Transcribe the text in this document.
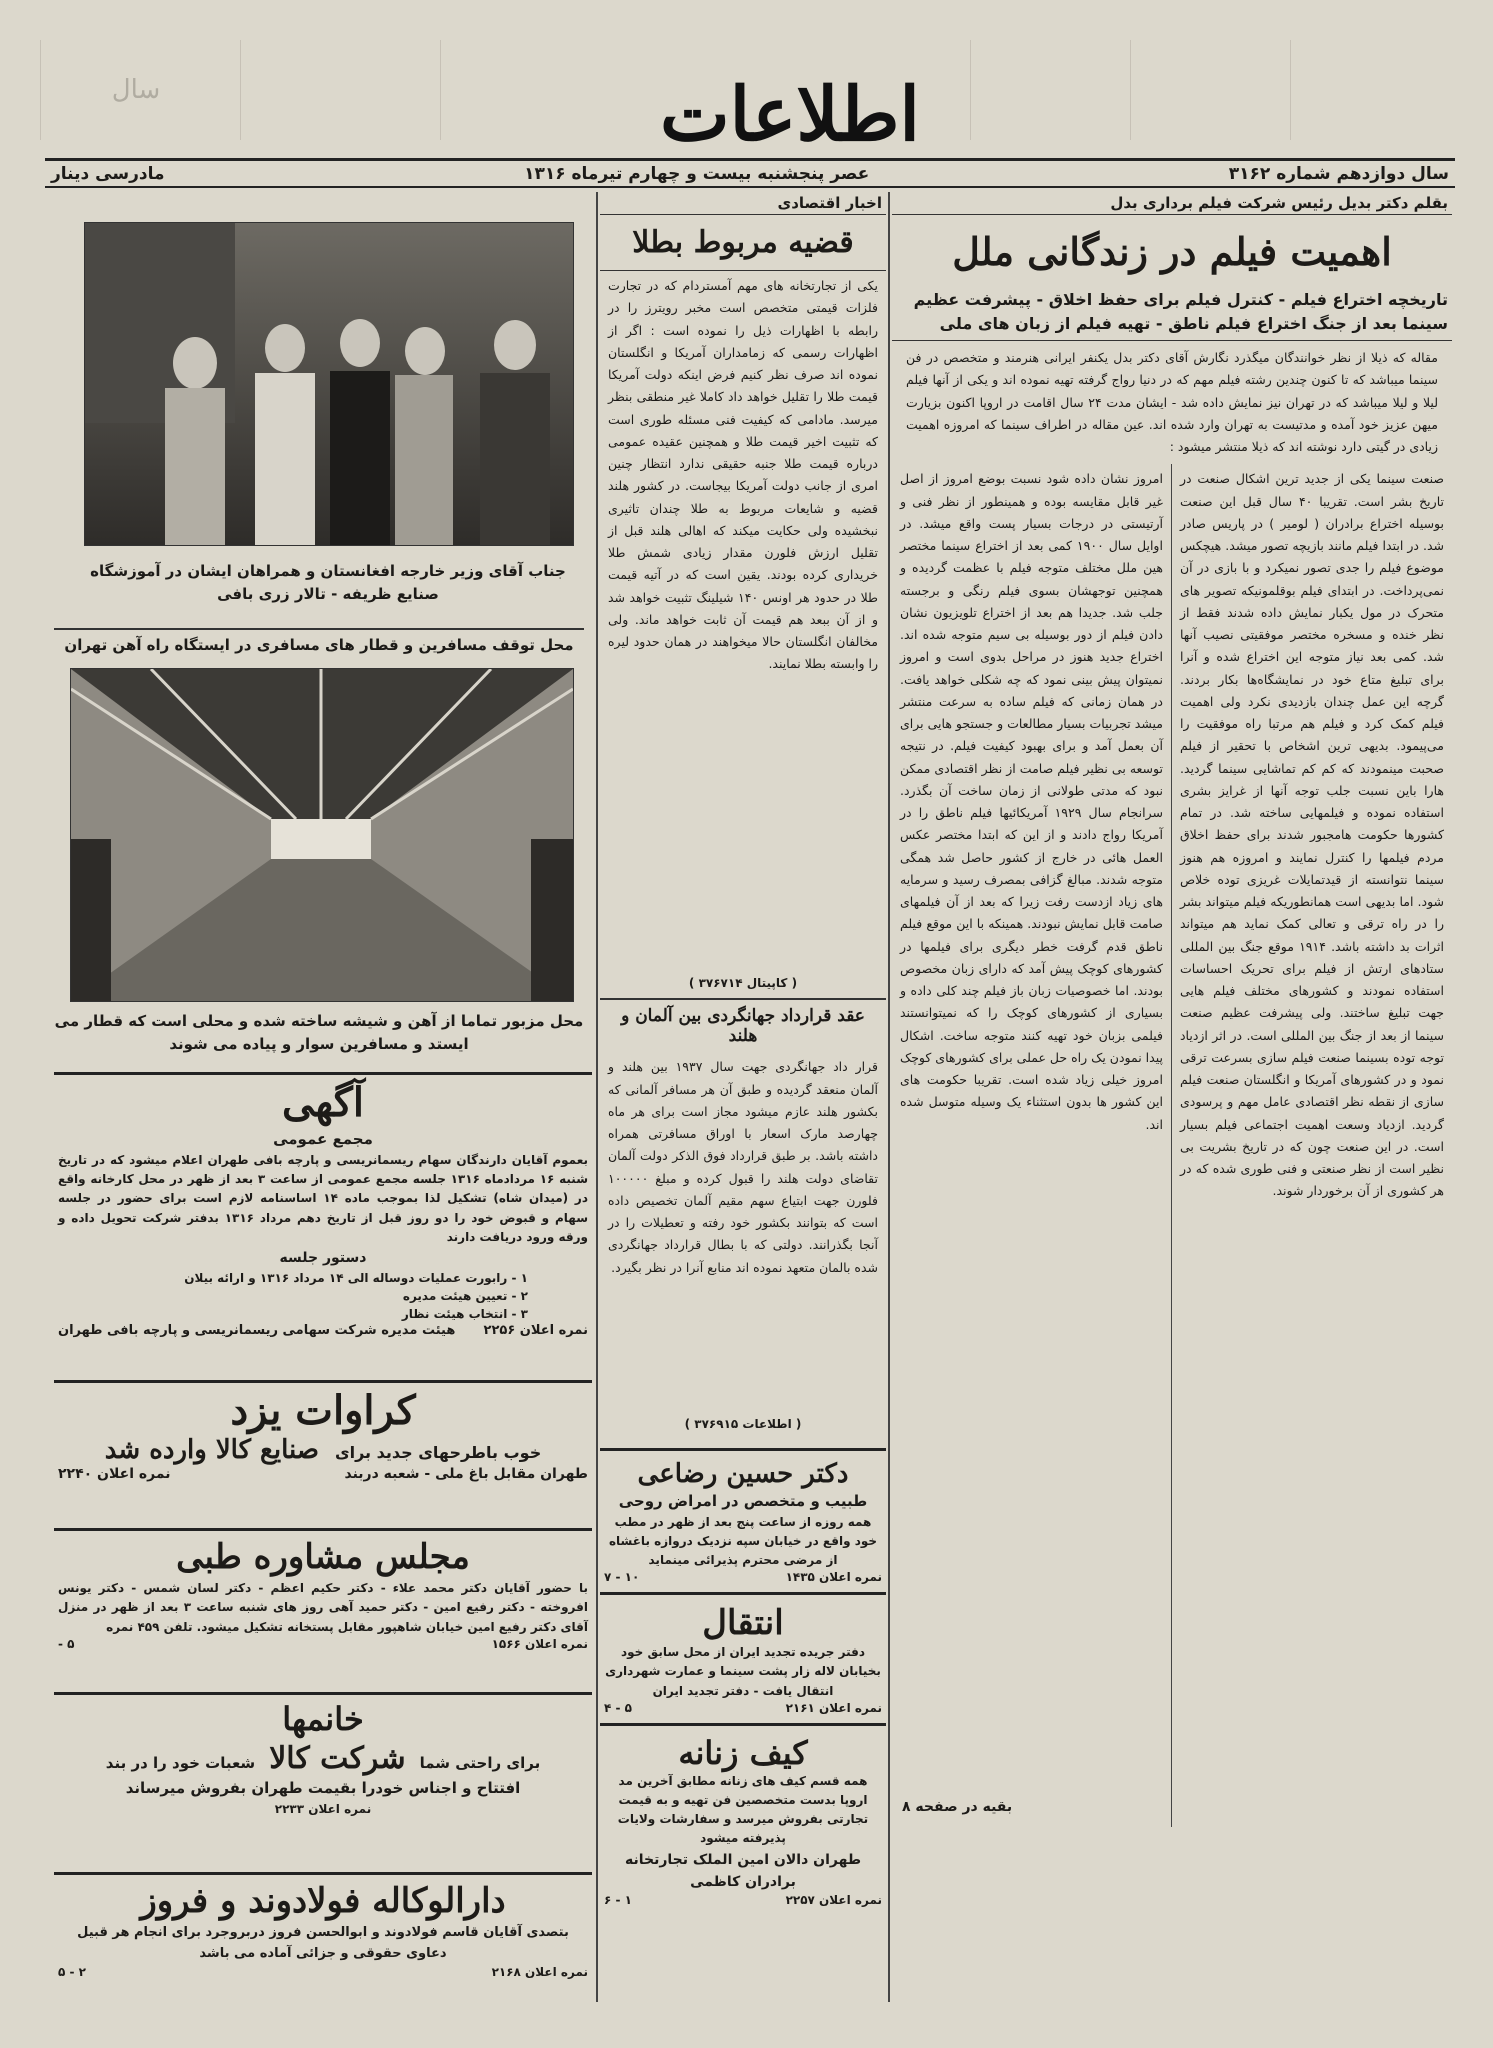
سال	اطلاعات
سال دوازدهم شماره ۳۱۶۲
عصر پنجشنبه بیست و چهارم تیرماه ۱۳۱۶
مادرسی دینار
بقلم دکتر بدیل رئیس شرکت فیلم برداری بدل
اهمیت فیلم در زندگانی ملل
تاریخچه اختراع فیلم - کنترل فیلم برای حفظ اخلاق - پیشرفت عظیم سینما بعد از جنگ اختراع فیلم ناطق - تهیه فیلم از زبان های ملی
مقاله که ذیلا از نظر خوانندگان میگذرد نگارش آقای دکتر بدل یکنفر ایرانی هنرمند و متخصص در فن سینما میباشد که تا کنون چندین رشته فیلم مهم که در دنیا رواج گرفته تهیه نموده اند و یکی از آنها فیلم لیلا و لیلا میباشد که در تهران نیز نمایش داده شد - ایشان مدت ۲۴ سال اقامت در اروپا اکنون بزیارت میهن عزیز خود آمده و مدتیست به تهران وارد شده اند. عین مقاله در اطراف سینما که امروزه اهمیت زیادی در گیتی دارد نوشته اند که ذیلا منتشر میشود :
صنعت سینما یکی از جدید ترین اشکال صنعت در تاریخ بشر است. تقریبا ۴۰ سال قبل این صنعت بوسیله اختراع برادران ( لومیر ) در پاریس صادر شد. در ابتدا فیلم مانند بازیچه تصور میشد. هیچکس موضوع فیلم را جدی تصور نمیکرد و با بازی در آن نمی‌پرداخت. در ابتدای فیلم بوقلمونیکه تصویر های متحرک در مول یکبار نمایش داده شدند فقط از نظر خنده و مسخره مختصر موفقیتی نصیب آنها شد. کمی بعد نیاز متوجه این اختراع شده و آنرا برای تبلیغ متاع خود در نمایشگاه‌ها بکار بردند. گرچه این عمل چندان بازدیدی نکرد ولی اهمیت فیلم کمک کرد و فیلم هم مرتبا راه موفقیت را می‌پیمود. بدیهی ترین اشخاص با تحقیر از فیلم صحبت مینمودند که کم کم تماشایی سینما گردید. هارا باین نسبت جلب توجه آنها از غرایز بشری استفاده نموده و فیلمهایی ساخته شد. در تمام کشورها حکومت هامجبور شدند برای حفظ اخلاق مردم فیلمها را کنترل نمایند و امروزه هم هنوز سینما نتوانسته از قیدتمایلات غریزی توده خلاص شود. اما بدیهی است همانطوریکه فیلم میتواند بشر را در راه ترقی و تعالی کمک نماید هم میتواند اثرات بد داشته باشد. ۱۹۱۴ موقع جنگ بین المللی ستادهای ارتش از فیلم برای تحریک احساسات استفاده نمودند و کشورهای مختلف فیلم هایی جهت تبلیغ ساختند. ولی پیشرفت عظیم صنعت سینما از بعد از جنگ بین المللی است. در اثر ازدیاد توجه توده بسینما صنعت فیلم سازی بسرعت ترقی نمود و در کشورهای آمریکا و انگلستان صنعت فیلم سازی از نقطه نظر اقتصادی عامل مهم و پرسودی گردید. ازدیاد وسعت اهمیت اجتماعی فیلم بسیار است. در این صنعت چون که در تاریخ بشریت بی نظیر است از نظر صنعتی و فنی طوری شده که در هر کشوری از آن برخوردار شوند.
امروز نشان داده شود نسبت بوضع امروز از اصل غیر قابل مقایسه بوده و همینطور از نظر فنی و آرتیستی در درجات بسیار پست واقع میشد. در اوایل سال ۱۹۰۰ کمی بعد از اختراع سینما مختصر هین ملل مختلف متوجه فیلم با عظمت گردیده و همچنین توجهشان بسوی فیلم رنگی و برجسته جلب شد. جدیدا هم بعد از اختراع تلویزیون نشان دادن فیلم از دور بوسیله بی سیم متوجه شده اند. اختراع جدید هنوز در مراحل بدوی است و امروز نمیتوان پیش بینی نمود که چه شکلی خواهد یافت. در همان زمانی که فیلم ساده به سرعت منتشر میشد تجربیات بسیار مطالعات و جستجو هایی برای آن بعمل آمد و برای بهبود کیفیت فیلم. در نتیجه توسعه بی نظیر فیلم صامت از نظر اقتصادی ممکن نبود که مدتی طولانی از زمان ساخت آن بگذرد. سرانجام سال ۱۹۲۹ آمریکائیها فیلم ناطق را در آمریکا رواج دادند و از این که ابتدا مختصر عکس العمل هائی در خارج از کشور حاصل شد همگی متوجه شدند. مبالغ گزافی بمصرف رسید و سرمایه های زیاد ازدست رفت زیرا که بعد از آن فیلمهای صامت قابل نمایش نبودند. همینکه با این موقع فیلم ناطق قدم گرفت خطر دیگری برای فیلمها در کشورهای کوچک پیش آمد که دارای زبان مخصوص بودند. اما خصوصیات زبان باز فیلم چند کلی داده و بسیاری از کشورهای کوچک را که نمیتوانستند فیلمی بزبان خود تهیه کنند متوجه ساخت. اشکال پیدا نمودن یک راه حل عملی برای کشورهای کوچک امروز خیلی زیاد شده است. تقریبا حکومت های این کشور ها بدون استثناء یک وسیله متوسل شده اند.
بقیه در صفحه ۸
اخبار اقتصادی
قضیه مربوط بطلا
یکی از تجارتخانه های مهم آمستردام که در تجارت فلزات قیمتی متخصص است مخبر رویترز را در رابطه با اظهارات ذیل را نموده است : اگر از اظهارات رسمی که زمامداران آمریکا و انگلستان نموده اند صرف نظر کنیم فرض اینکه دولت آمریکا قیمت طلا را تقلیل خواهد داد کاملا غیر منطقی بنظر میرسد. مادامی که کیفیت فنی مسئله طوری است که تثبیت اخیر قیمت طلا و همچنین عقیده عمومی درباره قیمت طلا جنبه حقیقی ندارد انتظار چنین امری از جانب دولت آمریکا بیجاست. در کشور هلند قضیه و شایعات مربوط به طلا چندان تاثیری نبخشیده ولی حکایت میکند که اهالی هلند قبل از تقلیل ارزش فلورن مقدار زیادی شمش طلا خریداری کرده بودند. یقین است که در آتیه قیمت طلا در حدود هر اونس ۱۴۰ شیلینگ تثبیت خواهد شد و از آن ببعد هم قیمت آن ثابت خواهد ماند. ولی مخالفان انگلستان حالا میخواهند در همان حدود لیره را وابسته بطلا نمایند.
( کاپیتال ۳۷۶۷۱۴ )
عقد قرارداد جهانگردی بین آلمان و هلند
قرار داد جهانگردی جهت سال ۱۹۳۷ بین هلند و آلمان منعقد گردیده و طبق آن هر مسافر آلمانی که بکشور هلند عازم میشود مجاز است برای هر ماه چهارصد مارک اسعار با اوراق مسافرتی همراه داشته باشد. بر طبق قرارداد فوق الذکر دولت آلمان تقاضای دولت هلند را قبول کرده و مبلغ ۱۰۰۰۰۰ فلورن جهت ابتیاع سهم مقیم آلمان تخصیص داده است که بتوانند بکشور خود رفته و تعطیلات را در آنجا بگذرانند. دولتی که با بطال قرارداد جهانگردی شده بالمان متعهد نموده اند منابع آنرا در نظر بگیرد.
( اطلاعات ۳۷۶۹۱۵ )
دکتر حسین رضاعی
طبیب و متخصص در امراض روحی
همه روزه از ساعت پنج بعد از ظهر در مطب خود واقع در خیابان سپه نزدیک دروازه باغشاه از مرضی محترم پذیرائی مینماید
نمره اعلان ۱۴۳۵
۱۰ - ۷
انتقال
دفتر جریده تجدید ایران از محل سابق خود بخیابان لاله زار پشت سینما و عمارت شهرداری انتقال یافت - دفتر تجدید ایران
نمره اعلان ۲۱۶۱
۵ - ۴
کیف زنانه
همه قسم کیف های زنانه مطابق آخرین مد اروپا بدست متخصصین فن تهیه و به قیمت تجارتی بفروش میرسد و سفارشات ولایات پذیرفته میشود
طهران دالان امین الملک تجارتخانه برادران کاظمی
نمره اعلان ۲۲۵۷
۱ - ۶
جناب آقای وزیر خارجه افغانستان و همراهان ایشان در آموزشگاه صنایع ظریفه - تالار زری بافی
محل توقف مسافرین و قطار های مسافری در ایستگاه راه آهن تهران
محل مزبور تماما از آهن و شیشه ساخته شده و محلی است که قطار می ایستد و مسافرین سوار و پیاده می شوند
آگهی
مجمع عمومی
بعموم آقایان دارندگان سهام ریسمانریسی و پارچه بافی طهران اعلام میشود که در تاریخ شنبه ۱۶ مردادماه ۱۳۱۶ جلسه مجمع عمومی از ساعت ۳ بعد از ظهر در محل کارخانه واقع در (میدان شاه) تشکیل لذا بموجب ماده ۱۴ اساسنامه لازم است برای حضور در جلسه سهام و قبوض خود را دو روز قبل از تاریخ دهم مرداد ۱۳۱۶ بدفتر شرکت تحویل داده و ورقه ورود دریافت دارند
دستور جلسه
۱ - رابورت عملیات دوساله الی ۱۴ مرداد ۱۳۱۶ و ارائه بیلان
۲ - تعیین هیئت مدیره
۳ - انتخاب هیئت نظار
نمره اعلان ۲۲۵۶
هیئت مدیره شرکت سهامی ریسمانریسی و پارچه بافی طهران
کراوات یزد
خوب باطرحهای جدید برای
صنایع کالا وارده شد
طهران مقابل باغ ملی - شعبه دربند
نمره اعلان ۲۲۴۰
مجلس مشاوره طبی
با حضور آقایان دکتر محمد علاء - دکتر حکیم اعظم - دکتر لسان شمس - دکتر یونس افروخته - دکتر رفیع امین - دکتر حمید آهی روز های شنبه ساعت ۳ بعد از ظهر در منزل آقای دکتر رفیع امین خیابان شاهپور مقابل پستخانه تشکیل میشود. تلفن ۴۵۹ نمره
نمره اعلان ۱۵۶۶
۵ -
خانمها
برای راحتی شما
شرکت کالا
شعبات خود را در بند
افتتاح و اجناس خودرا بقیمت طهران بفروش میرساند
نمره اعلان ۲۲۳۳
دارالوکاله فولادوند و فروز
بتصدی آقایان قاسم فولادوند و ابوالحسن فروز دربروجرد برای انجام هر قبیل دعاوی حقوقی و جزائی آماده می باشد
نمره اعلان ۲۱۶۸
۲ - ۵
